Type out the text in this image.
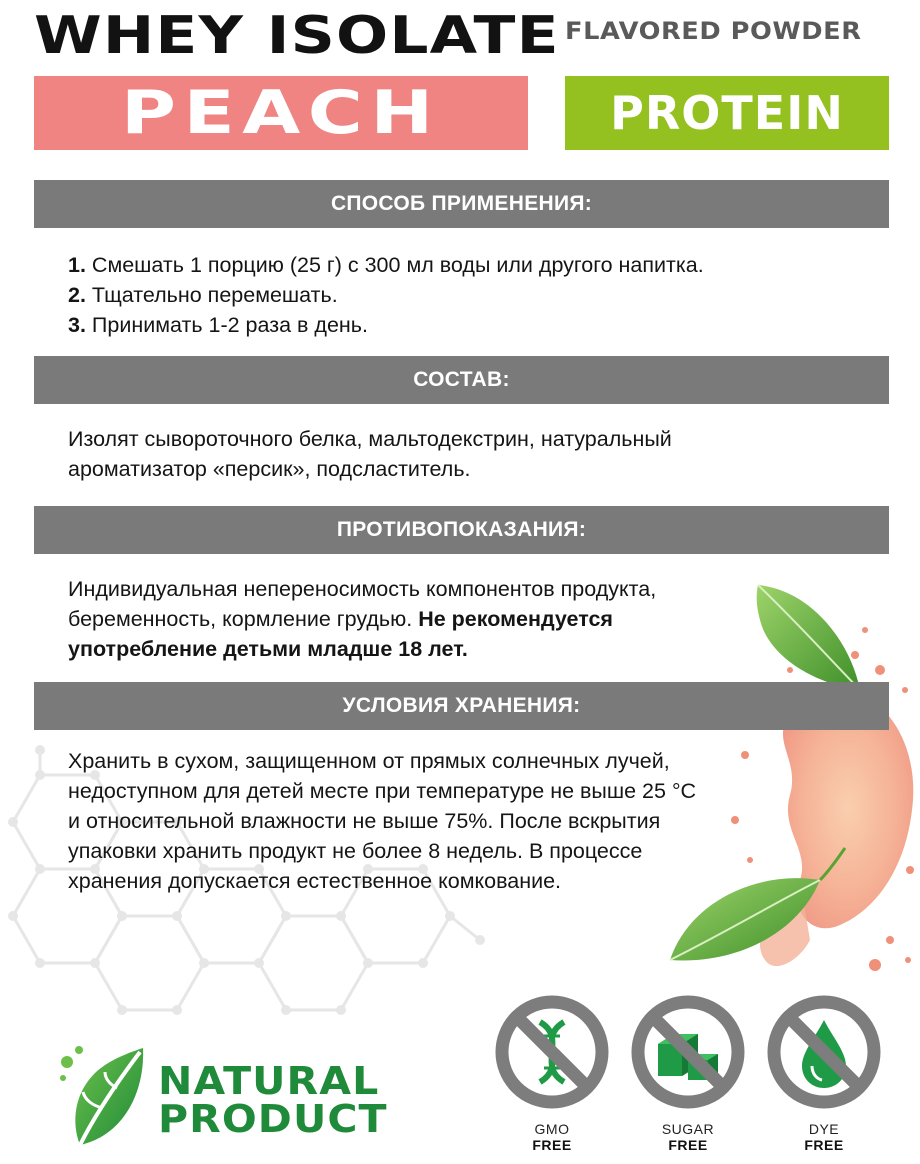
WHEY ISOLATE FLAVORED POWDER
PEACH	PROTEIN
СПОСОБ ПРИМЕНЕНИЯ:
1. Смешать 1 порцию (25 г) с 300 мл воды или другого напитка.
2. Тщательно перемешать.
3. Принимать 1-2 раза в день.
СОСТАВ:
Изолят сывороточного белка, мальтодекстрин, натуральный
ароматизатор «персик», подсластитель.
ПРОТИВОПОКАЗАНИЯ:
Индивидуальная непереносимость компонентов продукта,
беременность, кормление грудью. Не рекомендуется
употребление детьми младше 18 лет.
УСЛОВИЯ ХРАНЕНИЯ:
Хранить в сухом, защищенном от прямых солнечных лучей,
недоступном для детей месте при температуре не выше 25 °С
и относительной влажности не выше 75%. После вскрытия
упаковки хранить продукт не более 8 недель. В процессе
хранения допускается естественное комкование.
NATURAL
PRODUCT	GMO
FREE
SUGAR
FREE
DYE
FREE
